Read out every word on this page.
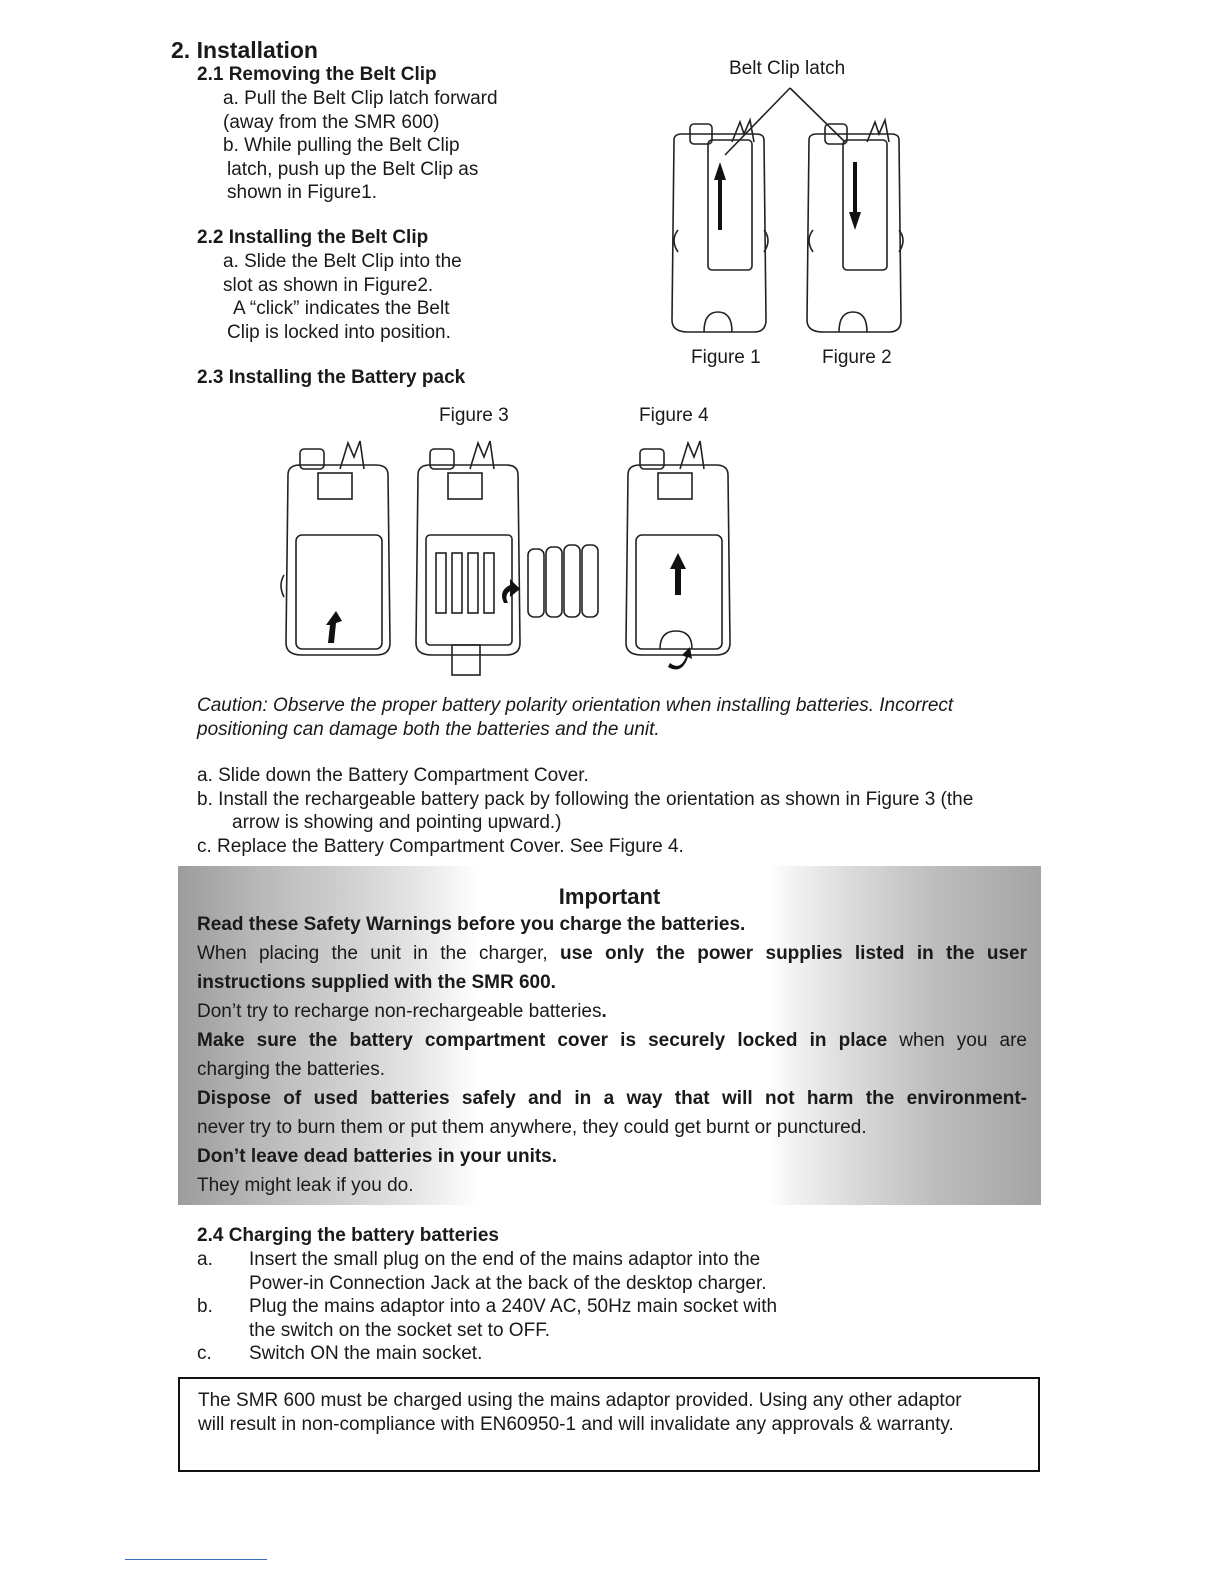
2. Installation
2.1 Removing the Belt Clip
a. Pull the Belt Clip latch forward
(away from the SMR 600)
b. While pulling the Belt Clip
latch, push up the Belt Clip as
shown in Figure1.
2.2 Installing the Belt Clip
a. Slide the Belt Clip into the
slot as shown in Figure2.
A “click” indicates the Belt
Clip is locked into position.
2.3 Installing the Battery pack
Belt Clip latch
Figure 1	Figure 2
Figure 3	Figure 4
Caution: Observe the proper battery polarity orientation when installing batteries. Incorrect
positioning can damage both the batteries and the unit.
a. Slide down the Battery Compartment Cover.
b. Install the rechargeable battery pack by following the orientation as shown in Figure 3 (the
arrow is showing and pointing upward.)
c. Replace the Battery Compartment Cover. See Figure 4.
Important
Read these Safety Warnings before you charge the batteries.
When placing the unit in the charger, use only the power supplies listed in the user
instructions supplied with the SMR 600.
Don’t try to recharge non-rechargeable batteries.
Make sure the battery compartment cover is securely locked in place when you are
charging the batteries.
Dispose of used batteries safely and in a way that will not harm the environment-
never try to burn them or put them anywhere, they could get burnt or punctured.
Don’t leave dead batteries in your units.
They might leak if you do.
2.4 Charging the battery batteries
a. Insert the small plug on the end of the mains adaptor into the
Power-in Connection Jack at the back of the desktop charger.
b. Plug the mains adaptor into a 240V AC, 50Hz main socket with
the switch on the socket set to OFF.
c. Switch ON the main socket.
The SMR 600 must be charged using the mains adaptor provided. Using any other adaptor
will result in non-compliance with EN60950-1 and will invalidate any approvals & warranty.
